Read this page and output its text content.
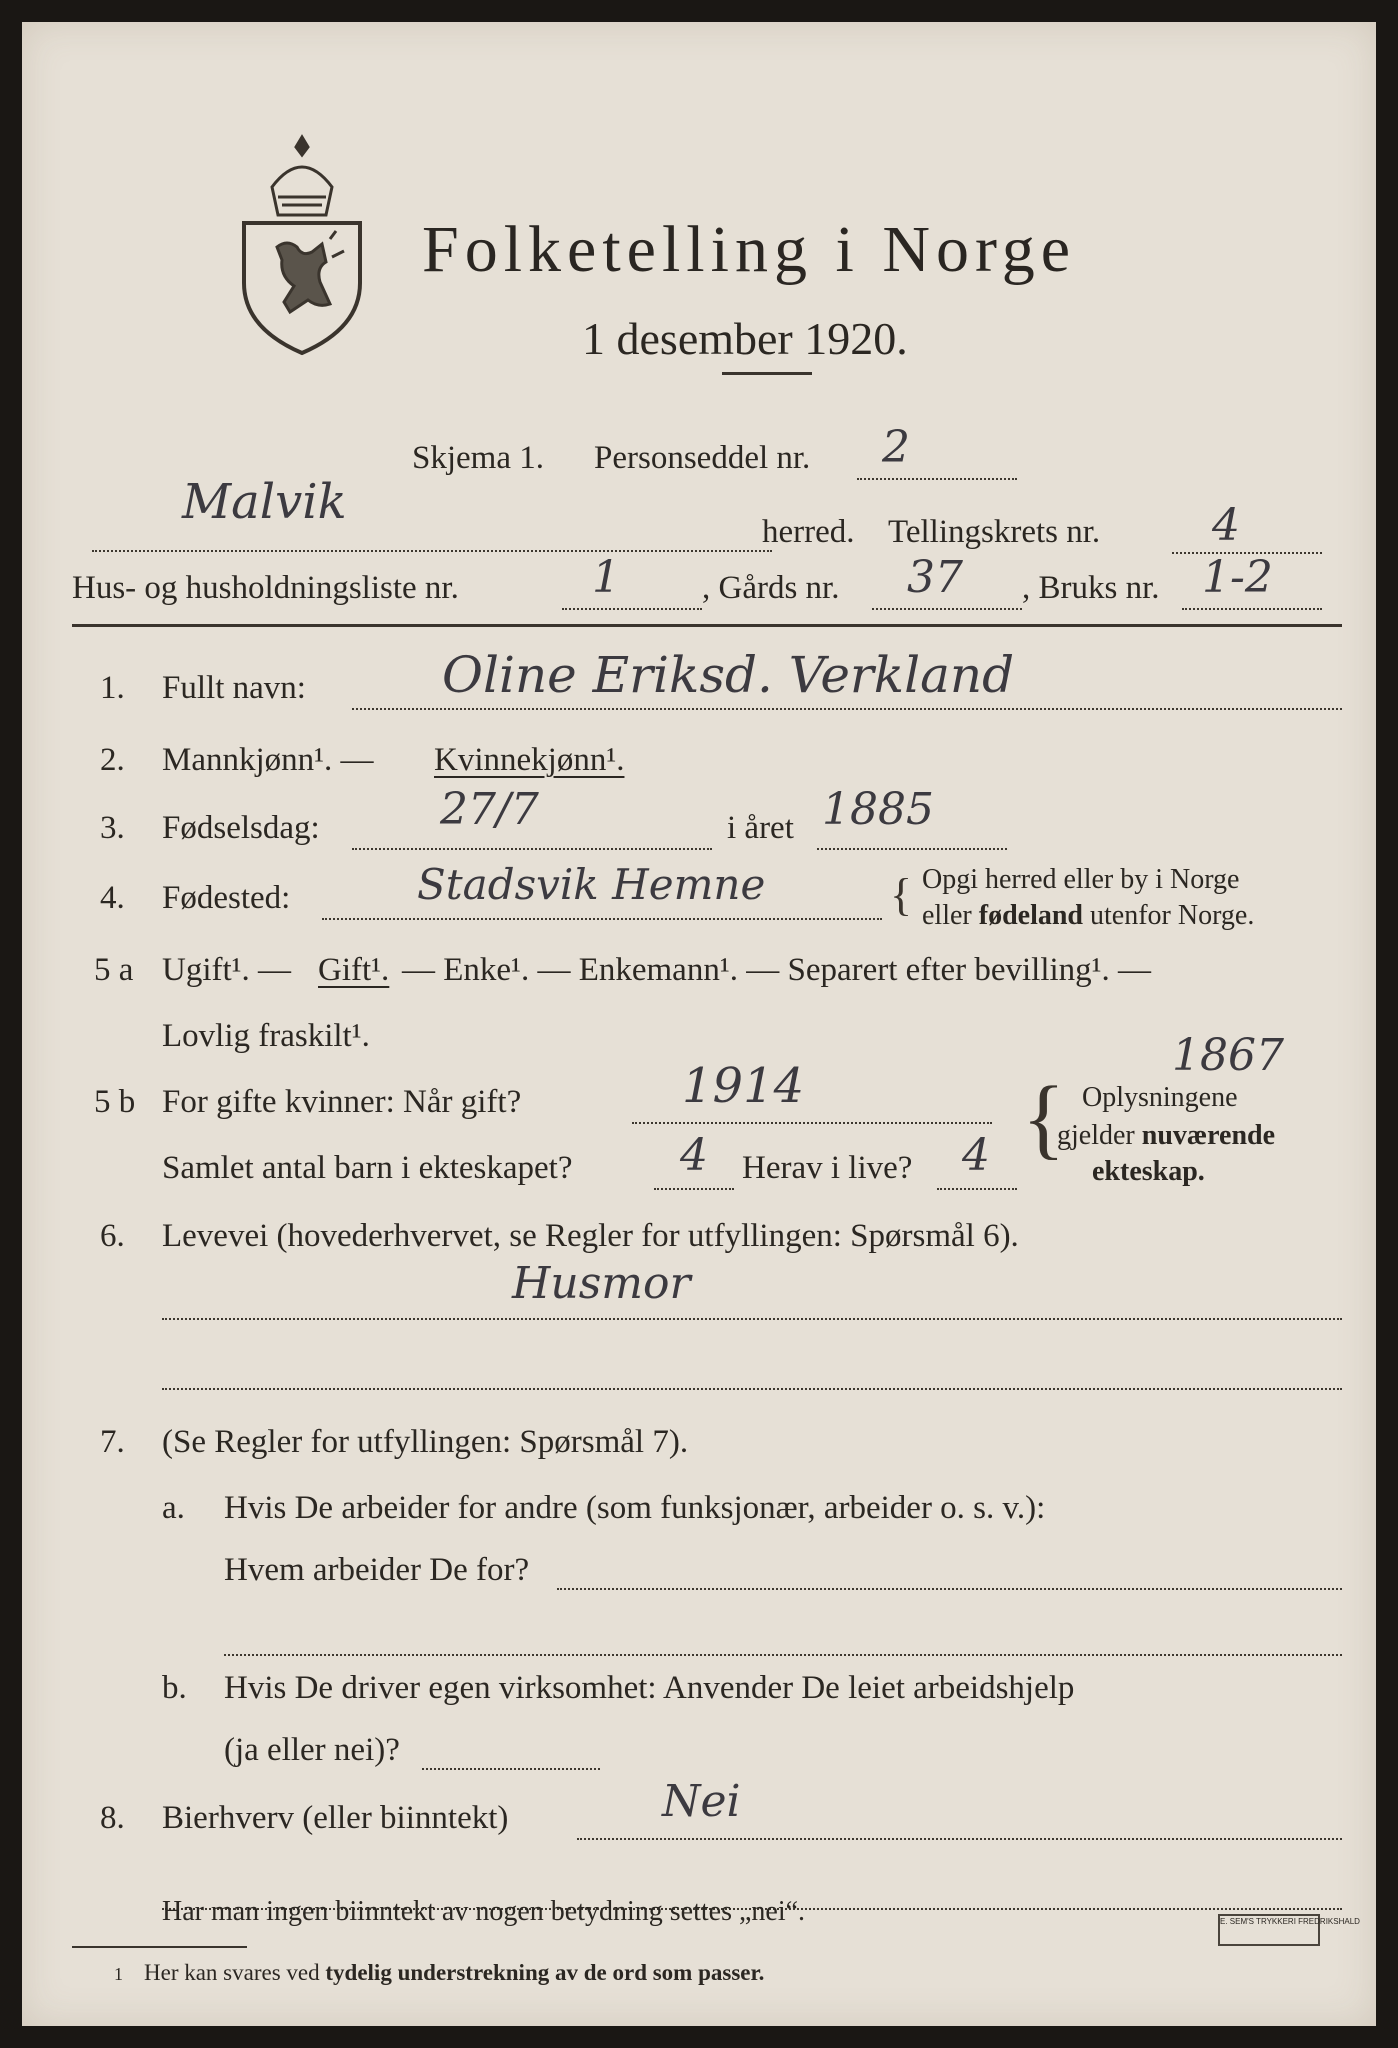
Folketelling i Norge
1 desember 1920.
Skjema 1. Personseddel nr. 2
Malvik
herred. Tellingskrets nr.	4
Hus- og husholdningsliste nr.	1 , Gårds nr. 37 , Bruks nr. 1-2
1. Fullt navn:	Oline Eriksd. Verkland
2. Mannkjønn¹. — Kvinnekjønn¹.
3. Fødselsdag:	27/7	i året 1885
4. Fødested:	Stadsvik Hemne	{ Opgi herred eller by i Norge
eller fødeland utenfor Norge.
5 a Ugift¹. — Gift¹. — Enke¹. — Enkemann¹. — Separert efter bevilling¹. —
Lovlig fraskilt¹.	1867
5 b For gifte kvinner: Når gift?	1914
Samlet antal barn i ekteskapet? 4 Herav i live? 4 { Oplysningene
gjelder nuværende
ekteskap.
6. Levevei (hovederhvervet, se Regler for utfyllingen: Spørsmål 6).
Husmor
7. (Se Regler for utfyllingen: Spørsmål 7).
a. Hvis De arbeider for andre (som funksjonær, arbeider o. s. v.):
Hvem arbeider De for?
b. Hvis De driver egen virksomhet: Anvender De leiet arbeidshjelp
(ja eller nei)?
8. Bierhverv (eller biinntekt)	Nei
Har man ingen biinntekt av nogen betydning settes „nei“.
1 Her kan svares ved tydelig understrekning av de ord som passer.
E. SEM'S TRYKKERI FREDRIKSHALD
